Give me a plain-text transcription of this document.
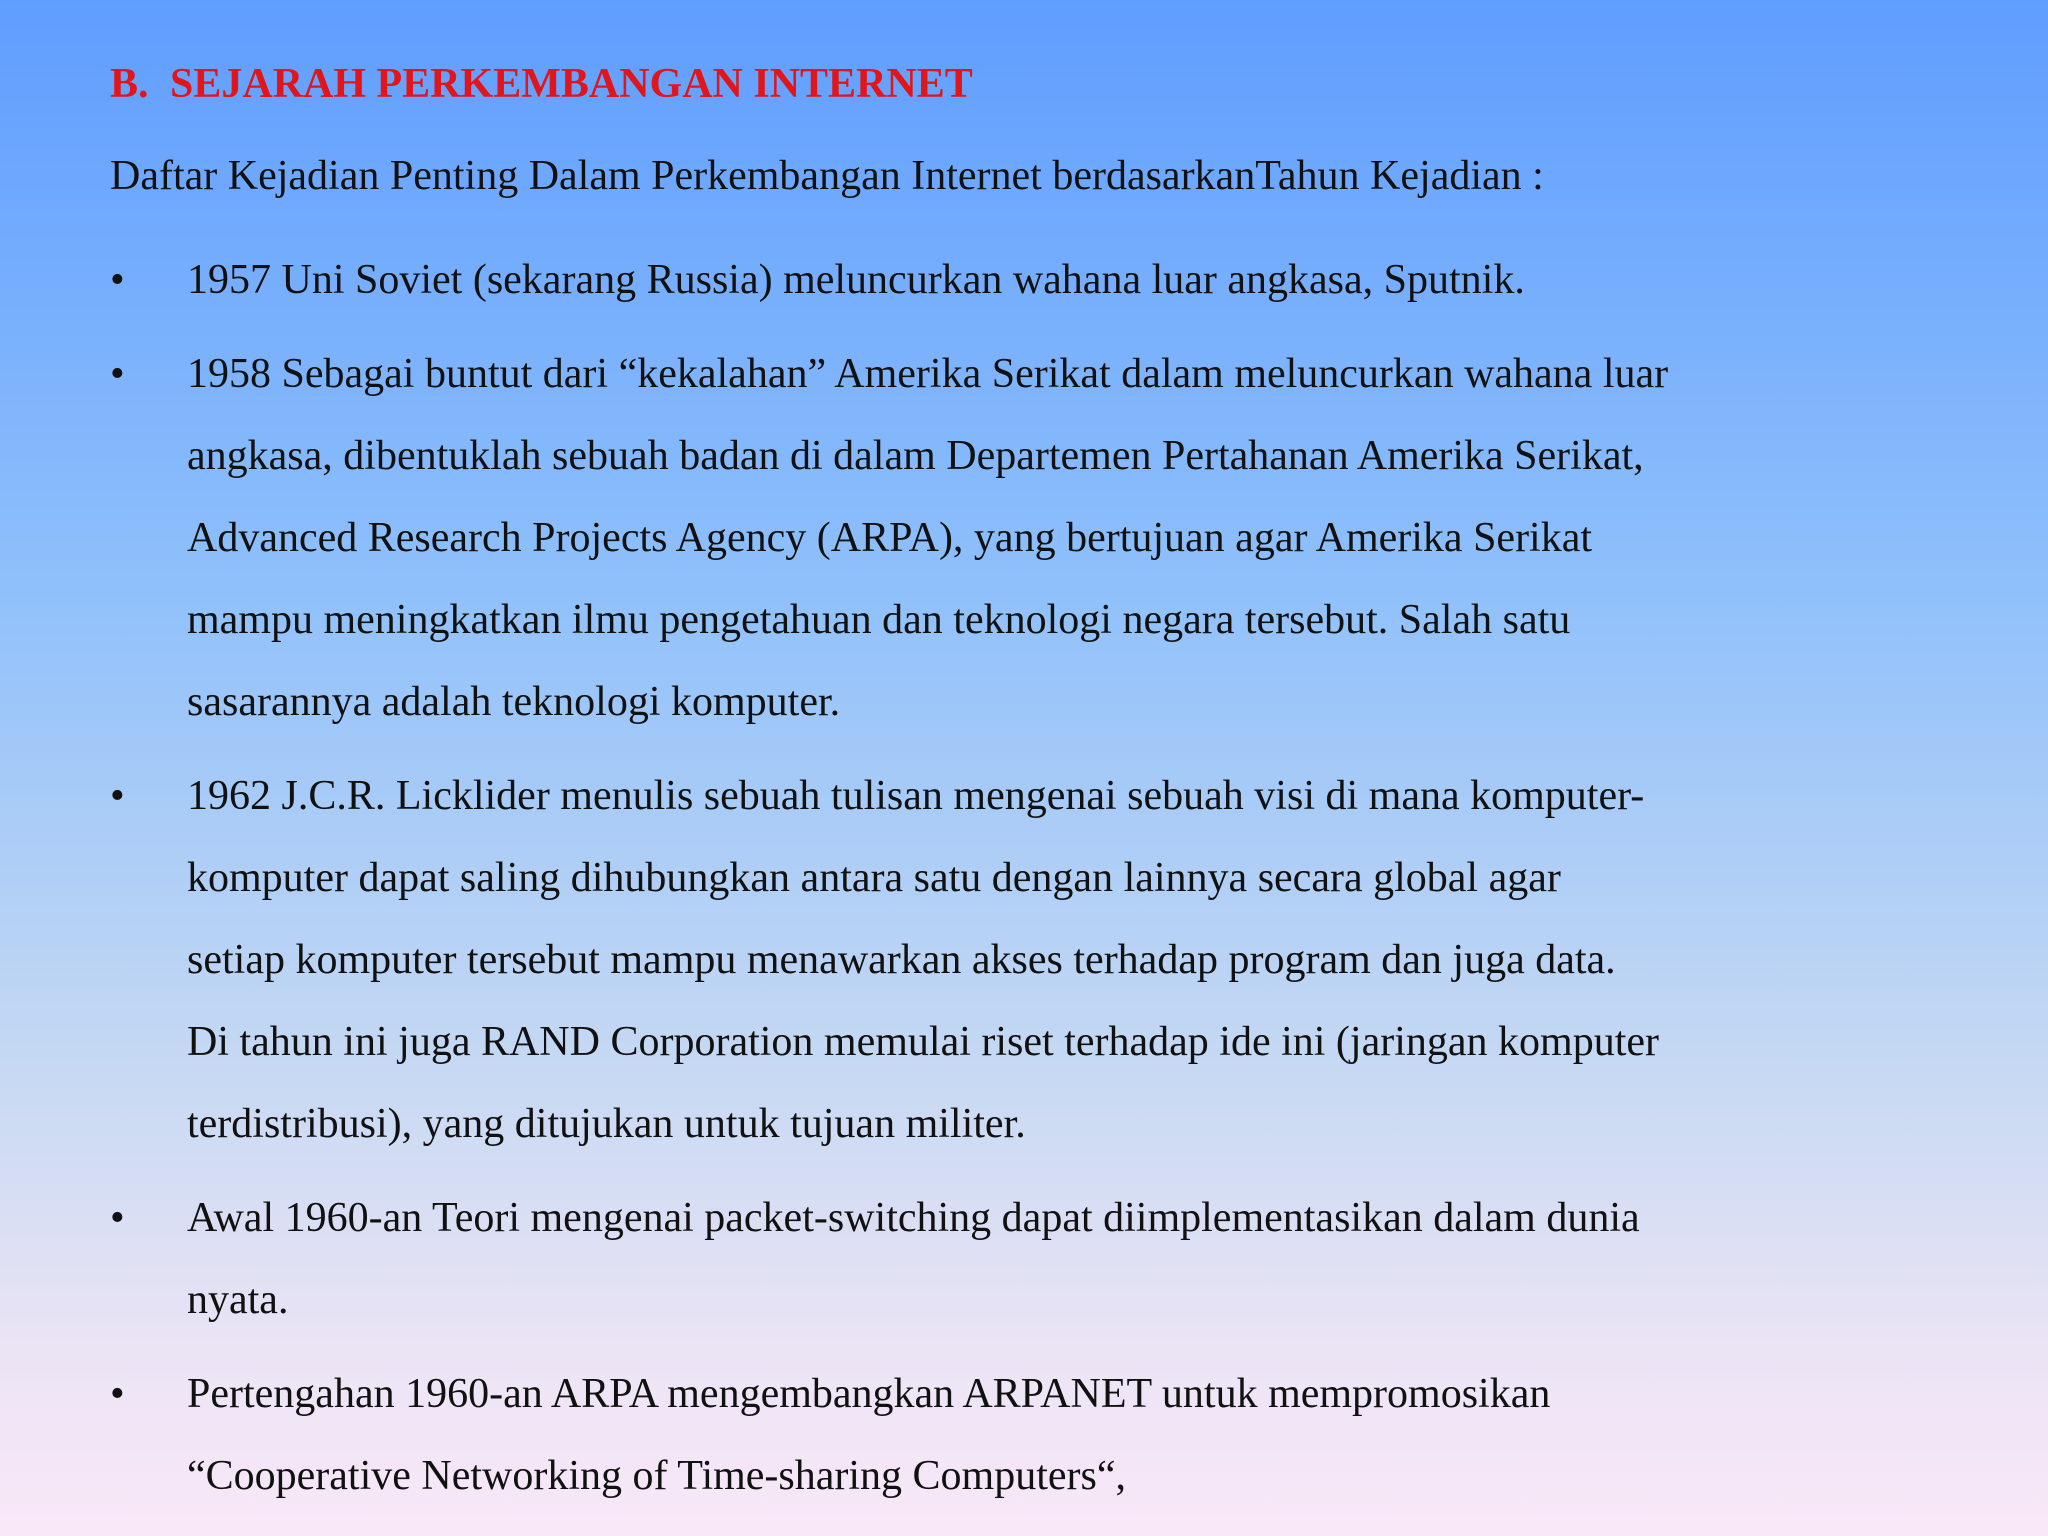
B. SEJARAH PERKEMBANGAN INTERNET

Daftar Kejadian Penting Dalam Perkembangan Internet berdasarkanTahun Kejadian :

•	1957 Uni Soviet (sekarang Russia) meluncurkan wahana luar angkasa, Sputnik.
•	1958 Sebagai buntut dari “kekalahan” Amerika Serikat dalam meluncurkan wahana luar
angkasa, dibentuklah sebuah badan di dalam Departemen Pertahanan Amerika Serikat,
Advanced Research Projects Agency (ARPA), yang bertujuan agar Amerika Serikat
mampu meningkatkan ilmu pengetahuan dan teknologi negara tersebut. Salah satu
sasarannya adalah teknologi komputer.
•	1962 J.C.R. Licklider menulis sebuah tulisan mengenai sebuah visi di mana komputer-
komputer dapat saling dihubungkan antara satu dengan lainnya secara global agar
setiap komputer tersebut mampu menawarkan akses terhadap program dan juga data.
Di tahun ini juga RAND Corporation memulai riset terhadap ide ini (jaringan komputer
terdistribusi), yang ditujukan untuk tujuan militer.
•	Awal 1960-an Teori mengenai packet-switching dapat diimplementasikan dalam dunia
nyata.
•	Pertengahan 1960-an ARPA mengembangkan ARPANET untuk mempromosikan
“Cooperative Networking of Time-sharing Computers“,
